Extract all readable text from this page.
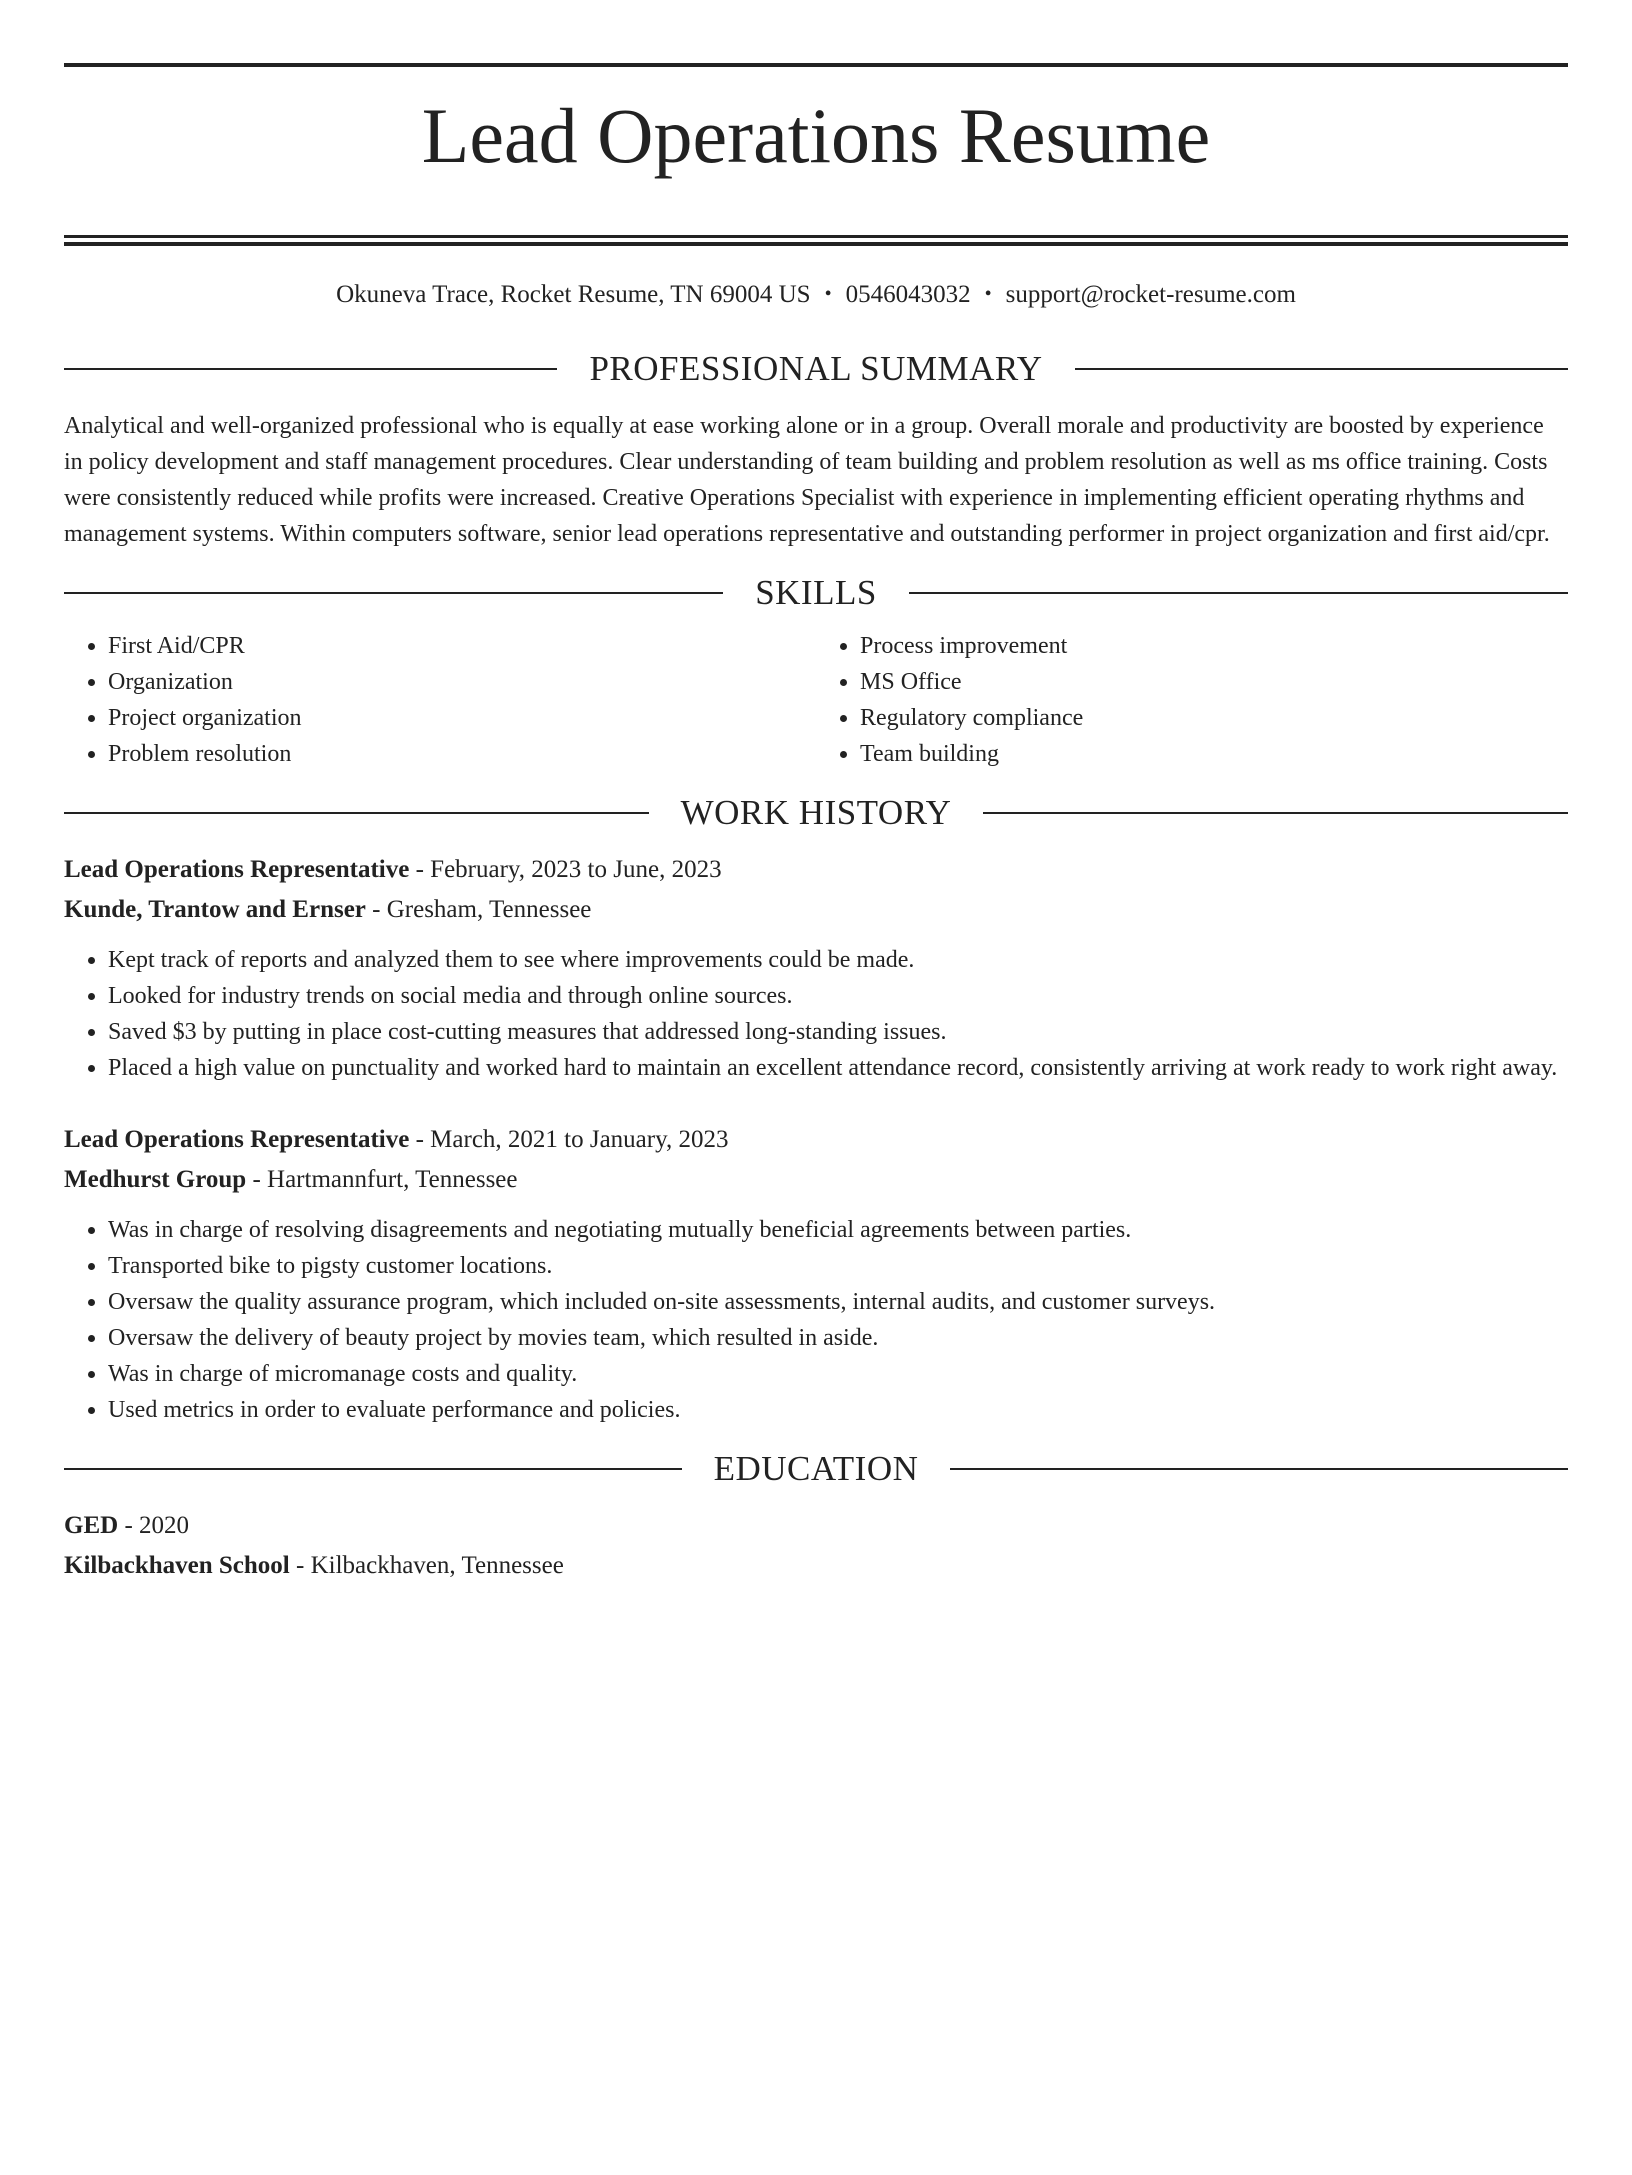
Lead Operations Resume
Okuneva Trace, Rocket Resume, TN 69004 US • 0546043032 • support@rocket-resume.com
PROFESSIONAL SUMMARY

Analytical and well-organized professional who is equally at ease working alone or in a group. Overall morale and productivity are boosted by experience in policy development and staff management procedures. Clear understanding of team building and problem resolution as well as ms office training. Costs were consistently reduced while profits were increased. Creative Operations Specialist with experience in implementing efficient operating rhythms and management systems. Within computers software, senior lead operations representative and outstanding performer in project organization and first aid/cpr.

SKILLS
• First Aid/CPR
• Organization
• Project organization
• Problem resolution
• Process improvement
• MS Office
• Regulatory compliance
• Team building
WORK HISTORY
Lead Operations Representative - February, 2023 to June, 2023
Kunde, Trantow and Ernser - Gresham, Tennessee
• Kept track of reports and analyzed them to see where improvements could be made.
• Looked for industry trends on social media and through online sources.
• Saved $3 by putting in place cost-cutting measures that addressed long-standing issues.
• Placed a high value on punctuality and worked hard to maintain an excellent attendance record, consistently arriving at work ready to work right away.
Lead Operations Representative - March, 2021 to January, 2023
Medhurst Group - Hartmannfurt, Tennessee
• Was in charge of resolving disagreements and negotiating mutually beneficial agreements between parties.
• Transported bike to pigsty customer locations.
• Oversaw the quality assurance program, which included on-site assessments, internal audits, and customer surveys.
• Oversaw the delivery of beauty project by movies team, which resulted in aside.
• Was in charge of micromanage costs and quality.
• Used metrics in order to evaluate performance and policies.
EDUCATION
GED - 2020
Kilbackhaven School - Kilbackhaven, Tennessee
